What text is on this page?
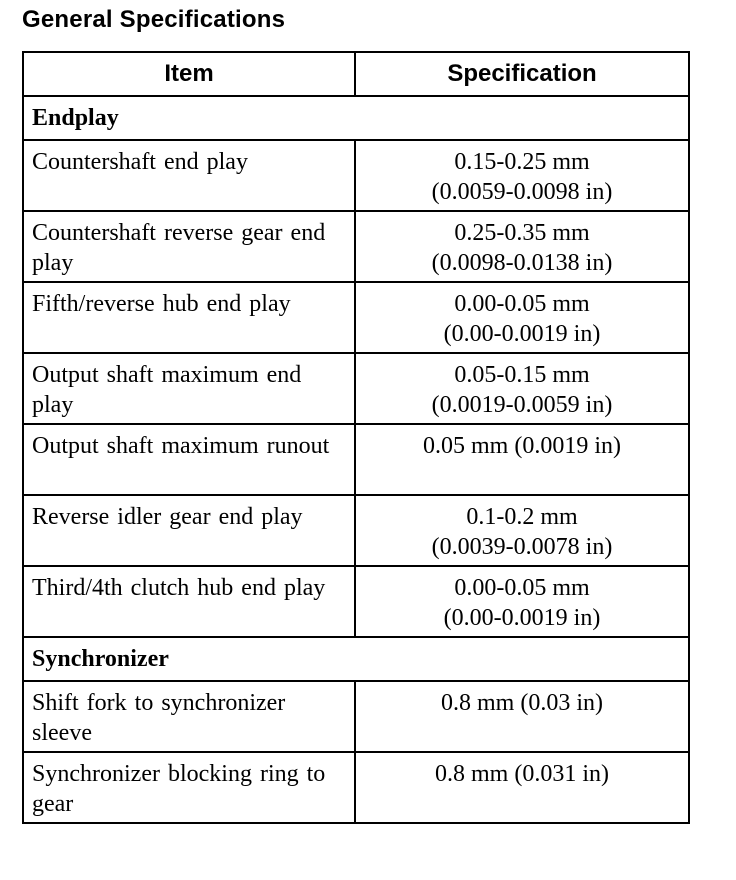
General Specifications
Item	Specification
Endplay	
Countershaft end play	0.15-0.25 mm
(0.0059-0.0098 in)

Countershaft reverse gear end play	0.25-0.35 mm
(0.0098-0.0138 in)

Fifth/reverse hub end play	0.00-0.05 mm
(0.00-0.0019 in)

Output shaft maximum end play	0.05-0.15 mm
(0.0019-0.0059 in)

Output shaft maximum runout	0.05 mm (0.0019 in)

Reverse idler gear end play	0.1-0.2 mm
(0.0039-0.0078 in)

Third/4th clutch hub end play	0.00-0.05 mm
(0.00-0.0019 in)

Synchronizer	
Shift fork to synchronizer sleeve	0.8 mm (0.03 in)

Synchronizer blocking ring to gear	0.8 mm (0.031 in)
